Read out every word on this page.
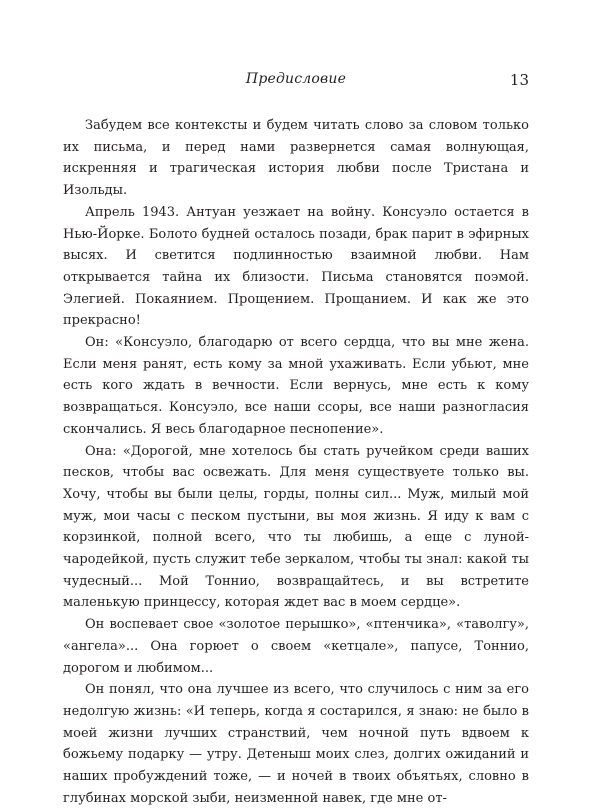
Предисловие	13

Забудем все контексты и будем читать слово за словом только их письма, и перед нами развернется самая волнующая, искренняя и трагическая история любви после Тристана и Изольды.

Апрель 1943. Антуан уезжает на войну. Консуэло остается в Нью-Йорке. Болото будней осталось позади, брак парит в эфирных высях. И светится подлинностью взаимной любви. Нам открывается тайна их близости. Письма становятся поэмой. Элегией. Покаянием. Прощением. Прощанием. И как же это прекрасно!

Он: «Консуэло, благодарю от всего сердца, что вы мне жена. Если меня ранят, есть кому за мной ухаживать. Если убьют, мне есть кого ждать в вечности. Если вернусь, мне есть к кому возвращаться. Консуэло, все наши ссоры, все наши разногласия скончались. Я весь благодарное песнопение».

Она: «Дорогой, мне хотелось бы стать ручейком среди ваших песков, чтобы вас освежать. Для меня существуете только вы. Хочу, чтобы вы были целы, горды, полны сил... Муж, милый мой муж, мои часы с песком пустыни, вы моя жизнь. Я иду к вам с корзинкой, полной всего, что ты любишь, а еще с луной-чародейкой, пусть служит тебе зеркалом, чтобы ты знал: какой ты чудесный... Мой Тоннио, возвращайтесь, и вы встретите маленькую принцессу, которая ждет вас в моем сердце».

Он воспевает свое «золотое перышко», «птенчика», «таволгу», «ангела»... Она горюет о своем «кетцале», папусе, Тоннио, дорогом и любимом...

Он понял, что она лучшее из всего, что случилось с ним за его недолгую жизнь: «И теперь, когда я состарился, я знаю: не было в моей жизни лучших странствий, чем ночной путь вдвоем к божьему подарку — утру. Детеныш моих слез, долгих ожиданий и наших пробуждений тоже, — и ночей в твоих объятьях, словно в глубинах морской зыби, неизменной навек, где мне от-
